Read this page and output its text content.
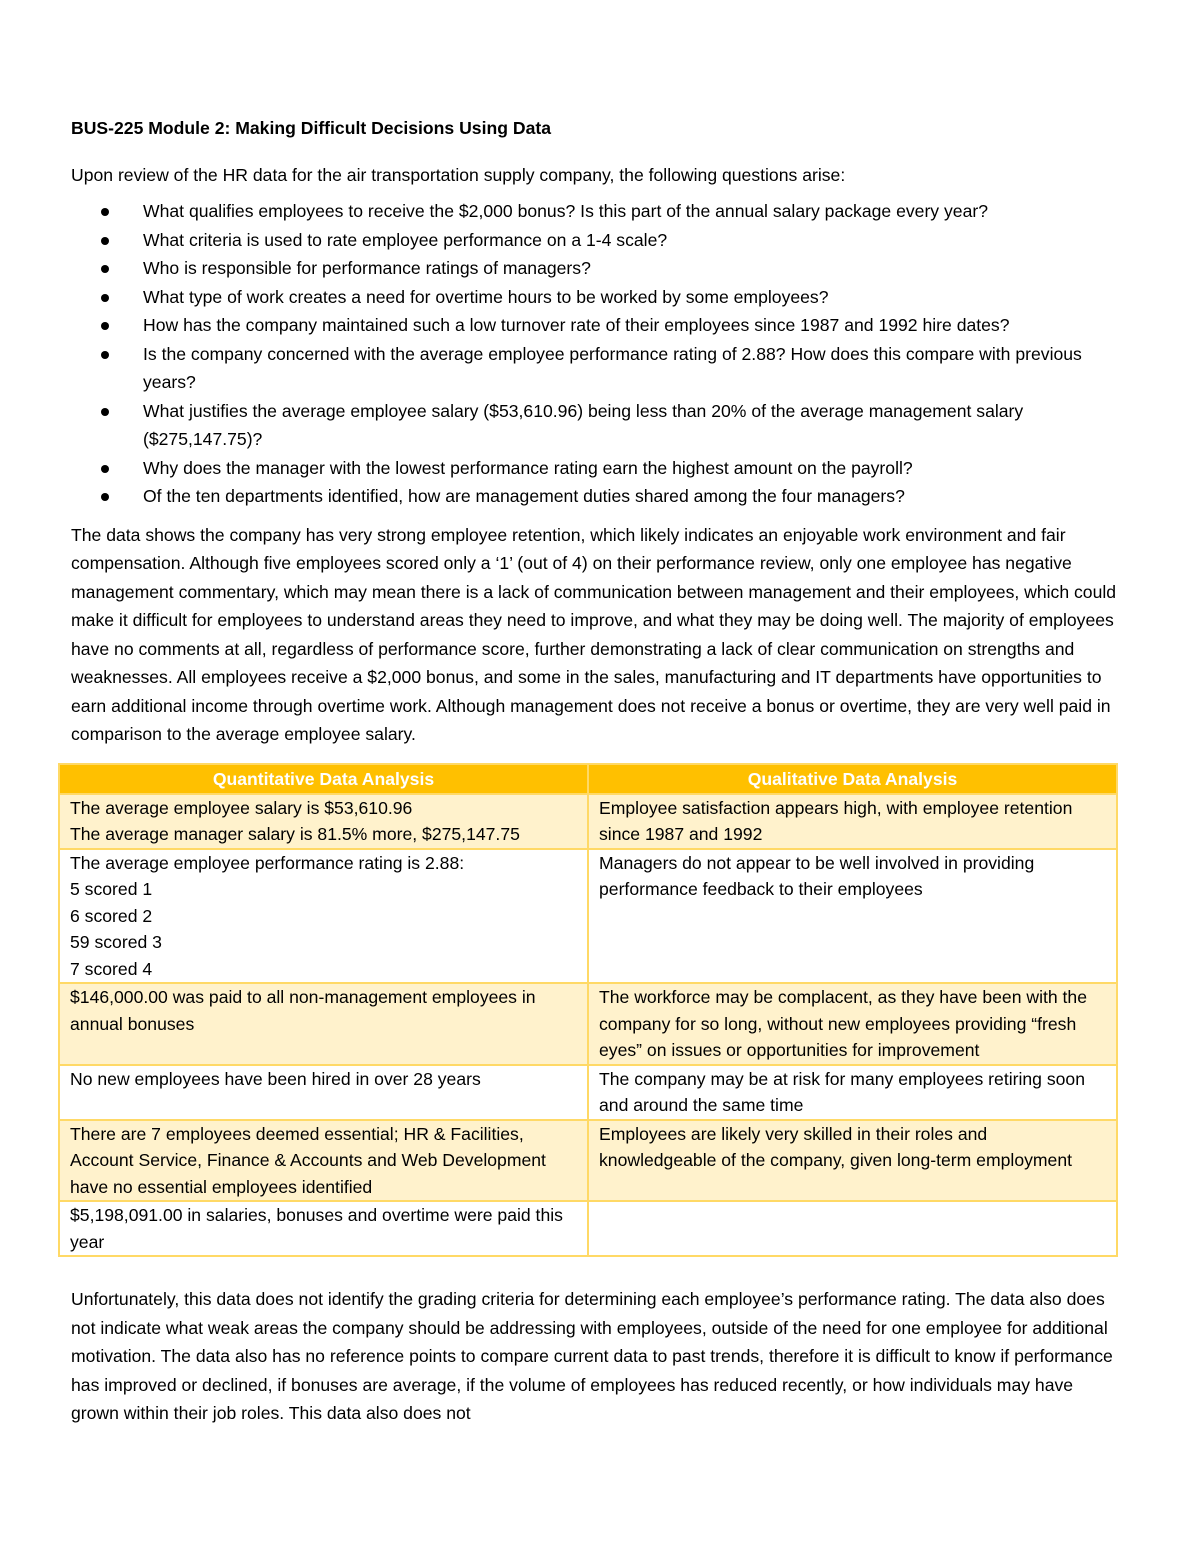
BUS-225 Module 2: Making Difficult Decisions Using Data
Upon review of the HR data for the air transportation supply company, the following questions arise:
What qualifies employees to receive the $2,000 bonus? Is this part of the annual salary package every year?
What criteria is used to rate employee performance on a 1-4 scale?
Who is responsible for performance ratings of managers?
What type of work creates a need for overtime hours to be worked by some employees?
How has the company maintained such a low turnover rate of their employees since 1987 and 1992 hire dates?
Is the company concerned with the average employee performance rating of 2.88? How does this compare with previous years?
What justifies the average employee salary ($53,610.96) being less than 20% of the average management salary ($275,147.75)?
Why does the manager with the lowest performance rating earn the highest amount on the payroll?
Of the ten departments identified, how are management duties shared among the four managers?

The data shows the company has very strong employee retention, which likely indicates an enjoyable work environment and fair compensation. Although five employees scored only a ‘1’ (out of 4) on their performance review, only one employee has negative management commentary, which may mean there is a lack of communication between management and their employees, which could make it difficult for employees to understand areas they need to improve, and what they may be doing well. The majority of employees have no comments at all, regardless of performance score, further demonstrating a lack of clear communication on strengths and weaknesses. All employees receive a $2,000 bonus, and some in the sales, manufacturing and IT departments have opportunities to earn additional income through overtime work. Although management does not receive a bonus or overtime, they are very well paid in comparison to the average employee salary.

Quantitative Data Analysis	Qualitative Data Analysis

The average employee salary is $53,610.96
The average manager salary is 81.5% more, $275,147.75	Employee satisfaction appears high, with employee retention since 1987 and 1992

The average employee performance rating is 2.88:
5 scored 1
6 scored 2
59 scored 3
7 scored 4	Managers do not appear to be well involved in providing performance feedback to their employees

$146,000.00 was paid to all non-management employees in annual bonuses	The workforce may be complacent, as they have been with the company for so long, without new employees providing “fresh eyes” on issues or opportunities for improvement

No new employees have been hired in over 28 years	The company may be at risk for many employees retiring soon and around the same time

There are 7 employees deemed essential; HR & Facilities, Account Service, Finance & Accounts and Web Development have no essential employees identified	Employees are likely very skilled in their roles and knowledgeable of the company, given long-term employment

$5,198,091.00 in salaries, bonuses and overtime were paid this year	

Unfortunately, this data does not identify the grading criteria for determining each employee’s performance rating. The data also does not indicate what weak areas the company should be addressing with employees, outside of the need for one employee for additional motivation. The data also has no reference points to compare current data to past trends, therefore it is difficult to know if performance has improved or declined, if bonuses are average, if the volume of employees has reduced recently, or how individuals may have grown within their job roles. This data also does not
